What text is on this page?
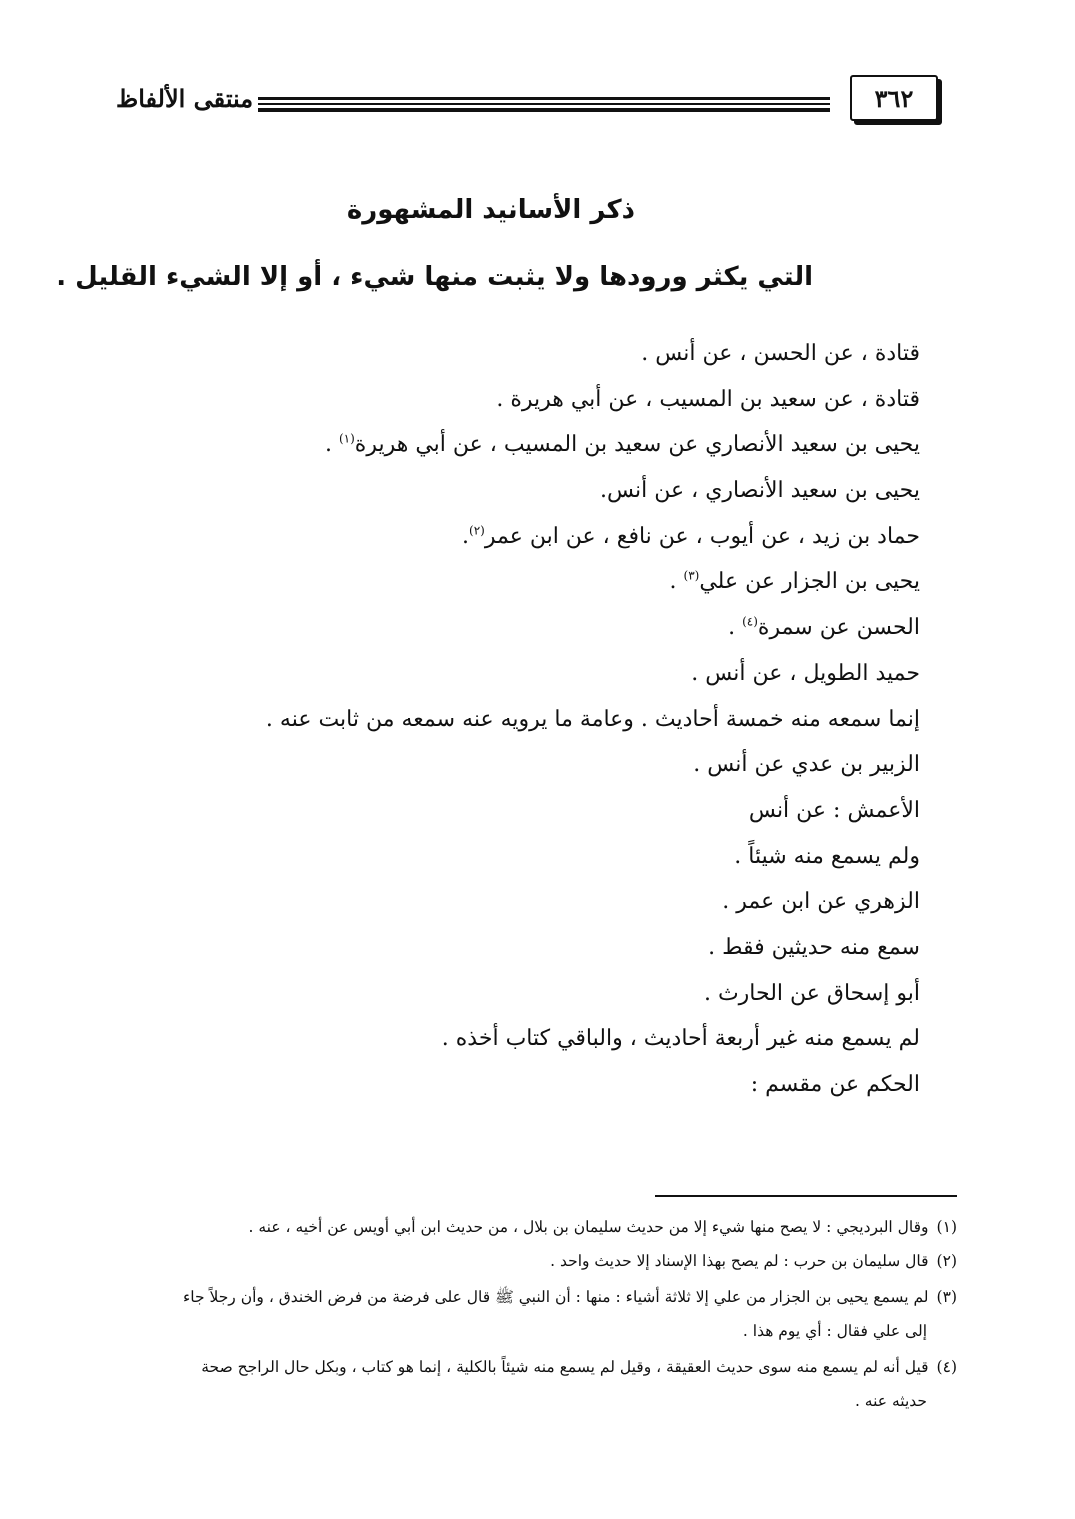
٣٦٢
منتقى الألفاظ
ذكر الأسانيد المشهورة
التي يكثر ورودها ولا يثبت منها شيء ، أو إلا الشيء القليل .
قتادة ، عن الحسن ، عن أنس .
قتادة ، عن سعيد بن المسيب ، عن أبي هريرة .
يحيى بن سعيد الأنصاري عن سعيد بن المسيب ، عن أبي هريرة$^{(١)}$ .
يحيى بن سعيد الأنصاري ، عن أنس.
حماد بن زيد ، عن أيوب ، عن نافع ، عن ابن عمر$^{(٢)}$.
يحيى بن الجزار عن علي$^{(٣)}$ .
الحسن عن سمرة$^{(٤)}$ .
حميد الطويل ، عن أنس .
إنما سمعه منه خمسة أحاديث . وعامة ما يرويه عنه سمعه من ثابت عنه .
الزبير بن عدي عن أنس .
الأعمش : عن أنس
ولم يسمع منه شيئاً .
الزهري عن ابن عمر .
سمع منه حديثين فقط .
أبو إسحاق عن الحارث .
لم يسمع منه غير أربعة أحاديث ، والباقي كتاب أخذه .
الحكم عن مقسم :
(١)وقال البرديجي : لا يصح منها شيء إلا من حديث سليمان بن بلال ، من حديث ابن أبي أويس عن أخيه ، عنه .
(٢)قال سليمان بن حرب : لم يصح بهذا الإسناد إلا حديث واحد .
(٣)لم يسمع يحيى بن الجزار من علي إلا ثلاثة أشياء : منها : أن النبي ﷺ قال على فرضة من فرض الخندق ، وأن رجلاً جاء
إلى علي فقال : أي يوم هذا .
(٤)قيل أنه لم يسمع منه سوى حديث العقيقة ، وقيل لم يسمع منه شيئاً بالكلية ، إنما هو كتاب ، وبكل حال الراجح صحة
حديثه عنه .
